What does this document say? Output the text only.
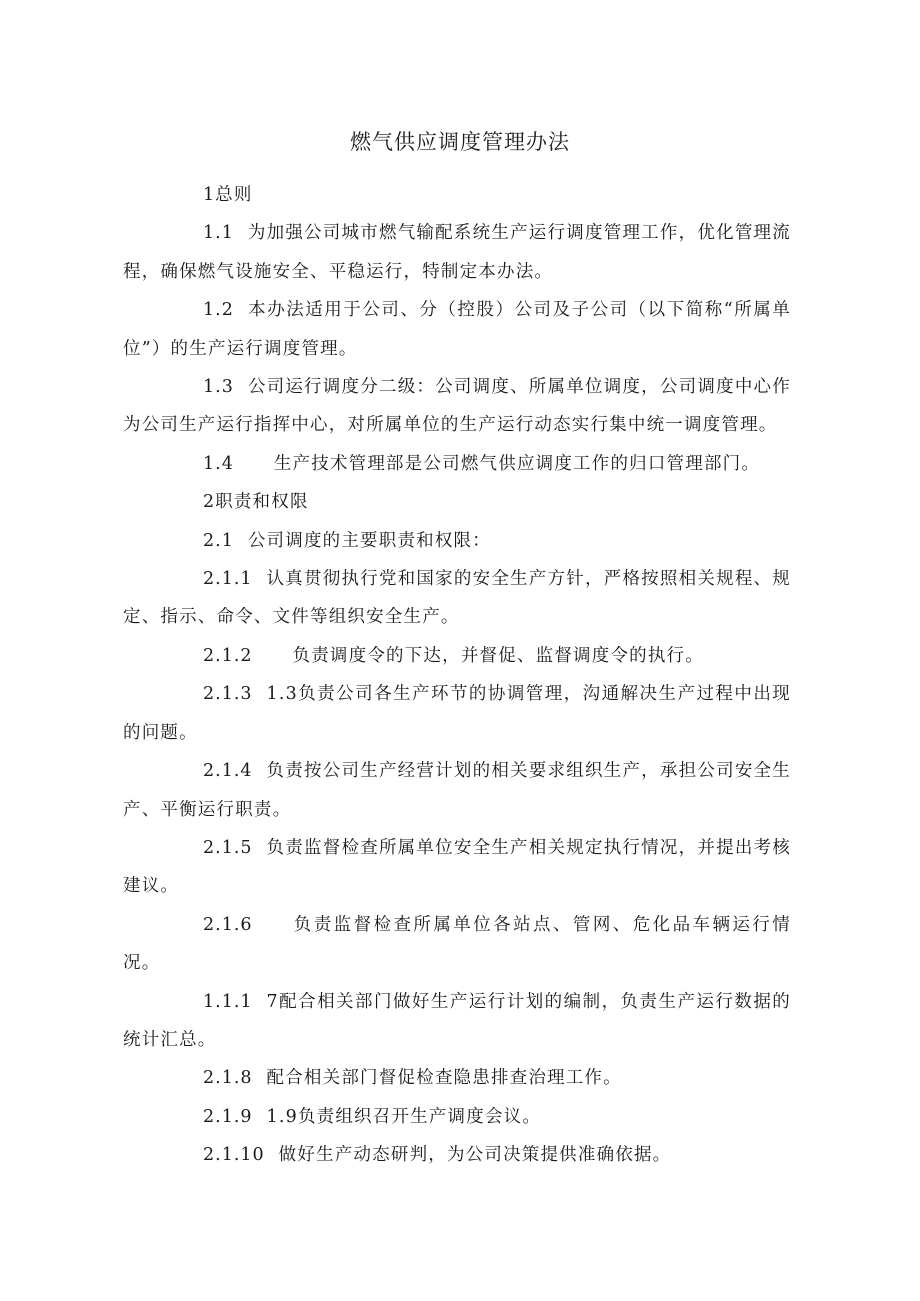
燃气供应调度管理办法

1总则

1.1 为加强公司城市燃气输配系统生产运行调度管理工作，优化管理流程，确保燃气设施安全、平稳运行，特制定本办法。

1.2 本办法适用于公司、分（控股）公司及子公司（以下简称“所属单位”）的生产运行调度管理。

1.3 公司运行调度分二级：公司调度、所属单位调度，公司调度中心作为公司生产运行指挥中心，对所属单位的生产运行动态实行集中统一调度管理。

1.4 生产技术管理部是公司燃气供应调度工作的归口管理部门。

2职责和权限

2.1 公司调度的主要职责和权限：

2.1.1 认真贯彻执行党和国家的安全生产方针，严格按照相关规程、规定、指示、命令、文件等组织安全生产。

2.1.2 负责调度令的下达，并督促、监督调度令的执行。

2.1.3 1.3负责公司各生产环节的协调管理，沟通解决生产过程中出现的问题。

2.1.4 负责按公司生产经营计划的相关要求组织生产，承担公司安全生产、平衡运行职责。

2.1.5 负责监督检查所属单位安全生产相关规定执行情况，并提出考核建议。

2.1.6 负责监督检查所属单位各站点、管网、危化品车辆运行情况。

1.1.1 7配合相关部门做好生产运行计划的编制，负责生产运行数据的统计汇总。

2.1.8 配合相关部门督促检查隐患排查治理工作。

2.1.9 1.9负责组织召开生产调度会议。

2.1.10 做好生产动态研判，为公司决策提供准确依据。
